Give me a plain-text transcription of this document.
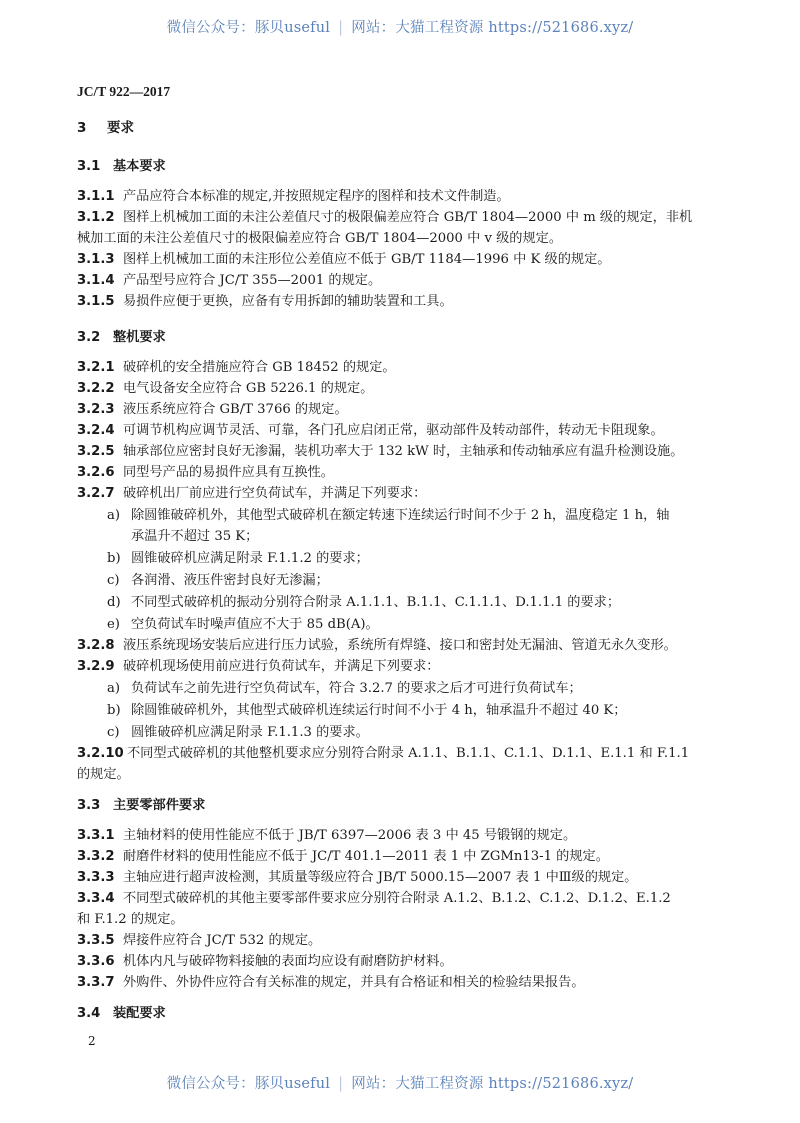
微信公众号：豚贝useful | 网站：大猫工程资源 https://521686.xyz/
JC/T 922—2017
3 要求
3.1 基本要求
3.1.1 产品应符合本标准的规定,并按照规定程序的图样和技术文件制造。
3.1.2 图样上机械加工面的未注公差值尺寸的极限偏差应符合 GB/T 1804—2000 中 m 级的规定，非机
械加工面的未注公差值尺寸的极限偏差应符合 GB/T 1804—2000 中 v 级的规定。
3.1.3 图样上机械加工面的未注形位公差值应不低于 GB/T 1184—1996 中 K 级的规定。
3.1.4 产品型号应符合 JC/T 355—2001 的规定。
3.1.5 易损件应便于更换，应备有专用拆卸的辅助装置和工具。
3.2 整机要求
3.2.1 破碎机的安全措施应符合 GB 18452 的规定。
3.2.2 电气设备安全应符合 GB 5226.1 的规定。
3.2.3 液压系统应符合 GB/T 3766 的规定。
3.2.4 可调节机构应调节灵活、可靠，各门孔应启闭正常，驱动部件及转动部件，转动无卡阻现象。
3.2.5 轴承部位应密封良好无渗漏，装机功率大于 132 kW 时，主轴承和传动轴承应有温升检测设施。
3.2.6 同型号产品的易损件应具有互换性。
3.2.7 破碎机出厂前应进行空负荷试车，并满足下列要求：
a) 除圆锥破碎机外，其他型式破碎机在额定转速下连续运行时间不少于 2 h，温度稳定 1 h，轴
承温升不超过 35 K；
b) 圆锥破碎机应满足附录 F.1.1.2 的要求；
c) 各润滑、液压件密封良好无渗漏；
d) 不同型式破碎机的振动分别符合附录 A.1.1.1、B.1.1、C.1.1.1、D.1.1.1 的要求；
e) 空负荷试车时噪声值应不大于 85 dB(A)。
3.2.8 液压系统现场安装后应进行压力试验，系统所有焊缝、接口和密封处无漏油、管道无永久变形。
3.2.9 破碎机现场使用前应进行负荷试车，并满足下列要求：
a) 负荷试车之前先进行空负荷试车，符合 3.2.7 的要求之后才可进行负荷试车；
b) 除圆锥破碎机外，其他型式破碎机连续运行时间不小于 4 h，轴承温升不超过 40 K；
c) 圆锥破碎机应满足附录 F.1.1.3 的要求。
3.2.10 不同型式破碎机的其他整机要求应分别符合附录 A.1.1、B.1.1、C.1.1、D.1.1、E.1.1 和 F.1.1
的规定。
3.3 主要零部件要求
3.3.1 主轴材料的使用性能应不低于 JB/T 6397—2006 表 3 中 45 号锻钢的规定。
3.3.2 耐磨件材料的使用性能应不低于 JC/T 401.1—2011 表 1 中 ZGMn13-1 的规定。
3.3.3 主轴应进行超声波检测，其质量等级应符合 JB/T 5000.15—2007 表 1 中Ⅲ级的规定。
3.3.4 不同型式破碎机的其他主要零部件要求应分别符合附录 A.1.2、B.1.2、C.1.2、D.1.2、E.1.2
和 F.1.2 的规定。
3.3.5 焊接件应符合 JC/T 532 的规定。
3.3.6 机体内凡与破碎物料接触的表面均应设有耐磨防护材料。
3.3.7 外购件、外协件应符合有关标准的规定，并具有合格证和相关的检验结果报告。
3.4 装配要求
2
微信公众号：豚贝useful | 网站：大猫工程资源 https://521686.xyz/
